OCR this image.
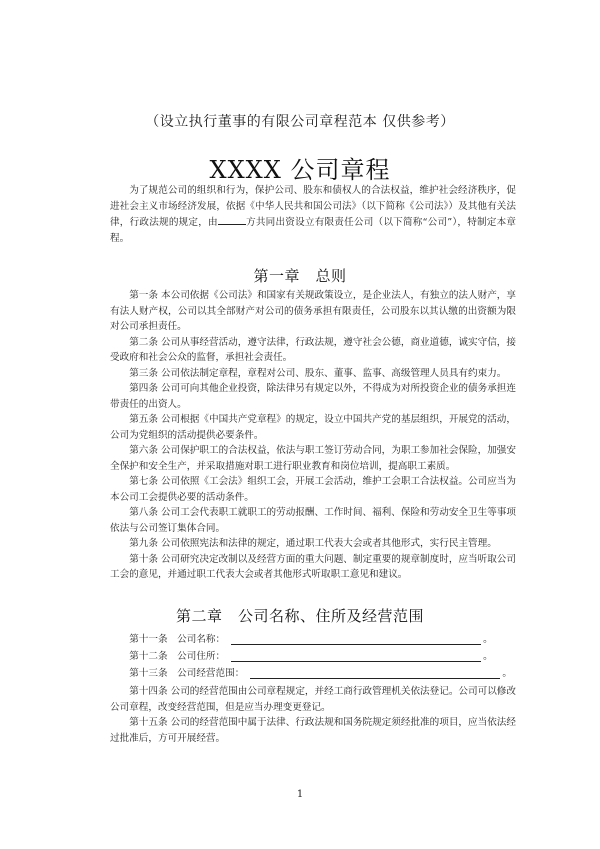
（设立执行董事的有限公司章程范本 仅供参考）
XXXX 公司章程

为了规范公司的组织和行为，保护公司、股东和债权人的合法权益，维护社会经济秩序，促进社会主义市场经济发展，依据《中华人民共和国公司法》（以下简称《公司法》）及其他有关法律，行政法规的规定，由	方共同出资设立有限责任公司（以下简称“公司”），特制定本章程。

第一章　总则

第一条 本公司依据《公司法》和国家有关规政策设立，是企业法人，有独立的法人财产，享有法人财产权，公司以其全部财产对公司的债务承担有限责任，公司股东以其认缴的出资额为限对公司承担责任。

第二条 公司从事经营活动，遵守法律，行政法规，遵守社会公德，商业道德，诚实守信，接受政府和社会公众的监督，承担社会责任。

第三条 公司依法制定章程，章程对公司、股东、董事、监事、高级管理人员具有约束力。

第四条 公司可向其他企业投资，除法律另有规定以外，不得成为对所投资企业的债务承担连带责任的出资人。

第五条 公司根据《中国共产党章程》的规定，设立中国共产党的基层组织，开展党的活动，公司为党组织的活动提供必要条件。

第六条 公司保护职工的合法权益，依法与职工签订劳动合同，为职工参加社会保险，加强安全保护和安全生产，并采取措施对职工进行职业教育和岗位培训，提高职工素质。

第七条 公司依照《工会法》组织工会，开展工会活动，维护工会职工合法权益。公司应当为本公司工会提供必要的活动条件。

第八条 公司工会代表职工就职工的劳动报酬、工作时间、福利、保险和劳动安全卫生等事项依法与公司签订集体合同。

第九条 公司依照宪法和法律的规定，通过职工代表大会或者其他形式，实行民主管理。

第十条 公司研究决定改制以及经营方面的重大问题、制定重要的规章制度时，应当听取公司工会的意见，并通过职工代表大会或者其他形式听取职工意见和建议。

第二章　公司名称、住所及经营范围
第十一条　公司名称：	。
第十二条　公司住所：	。
第十三条　公司经营范围：	。

第十四条 公司的经营范围由公司章程规定，并经工商行政管理机关依法登记。公司可以修改公司章程，改变经营范围，但是应当办理变更登记。

第十五条 公司的经营范围中属于法律、行政法规和国务院规定须经批准的项目，应当依法经过批准后，方可开展经营。

1
